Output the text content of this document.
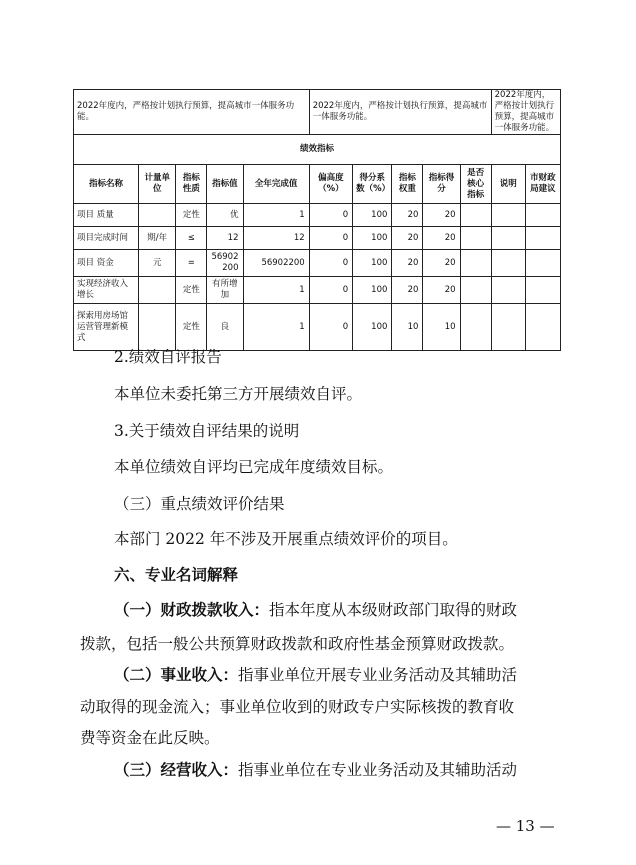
2022年度内，严格按计划执行预算，提高城市一体服务功能。					2022年度内，严格按计划执行预算，提高城市一体服务功能。					2022年度内，严格按计划执行预算，提高城市一体服务功能。	
绩效指标											
指标名称	计量单位	指标性质	指标值	全年完成值	偏高度（%）	得分系数（%）	指标权重	指标得分	是否核心指标	说明	市财政局建议
项目 质量		定性	优	1	0	100	20	20			
项目完成时间	期/年	≤	12	12	0	100	20	20			
项目 资金	元	=	56902200	56902200	0	100	20	20			
实现经济收入增长		定性	有所增加	1	0	100	20	20			
探索用房场馆运营管理新模式		定性	良	1	0	100	10	10			

2.绩效自评报告

本单位未委托第三方开展绩效自评。

3.关于绩效自评结果的说明

本单位绩效自评均已完成年度绩效目标。

（三）重点绩效评价结果

本部门 2022 年不涉及开展重点绩效评价的项目。

六、专业名词解释

（一）财政拨款收入：指本年度从本级财政部门取得的财政

拨款，包括一般公共预算财政拨款和政府性基金预算财政拨款。

（二）事业收入：指事业单位开展专业业务活动及其辅助活

动取得的现金流入；事业单位收到的财政专户实际核拨的教育收

费等资金在此反映。

（三）经营收入：指事业单位在专业业务活动及其辅助活动

— 13 —
